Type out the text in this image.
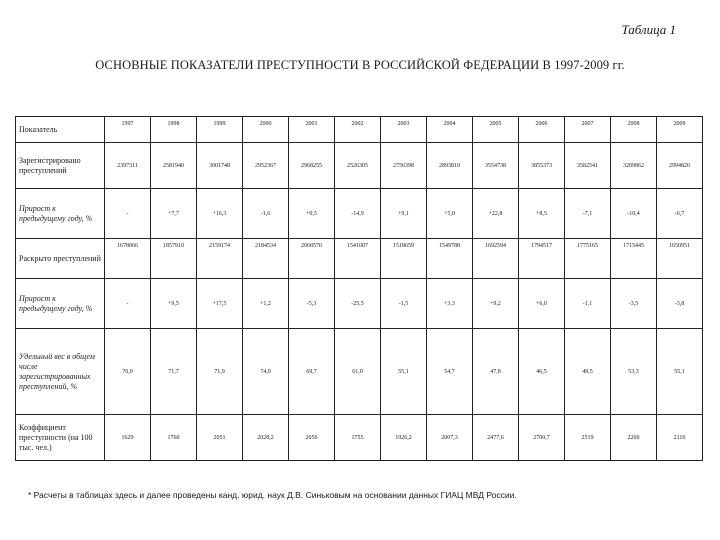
Таблица 1
ОСНОВНЫЕ ПОКАЗАТЕЛИ ПРЕСТУПНОСТИ В РОССИЙСКОЙ ФЕДЕРАЦИИ В 1997-2009 гг.
Показатель	1997	1998	1999	2000	2001	2002	2003	2004	2005	2006	2007	2008	2009
Зарегистрировано преступлений	2397311	2581940	3001748	2952367	2968255	2526305	2756398	2893810	3554738	3855373	3582541	3209862	2994820
Прирост к предыдущему году, %	-	+7,7	+16,3	-1,6	+0,5	-14,9	+9,1	+5,0	+22,8	+8,5	-7,1	-10,4	-6,7
Раскрыто преступлений	1678066	1857910	2159174	2184534	2068570	1541007	1518659	1549788	1692594	1794517	1775165	1715445	1650951
Прирост к предыдущему году, %	-	+9,5	+17,5	+1,2	-5,3	-25,5	-1,5	+3,3	+9,2	+6,0	-1,1	-3,5	-3,8
Удельный вес в общем числе зарегистрированных преступлений, %	70,0	71,7	71,9	74,0	69,7	61,0	55,1	54,7	47,8	46,5	49,5	53,3	55,1
Коэффициент преступности (на 100 тыс. чел.)	1629	1760	2051	2028,2	2050	1755	1926,2	2007,3	2477,6	2700,7	2519	2260	2110
* Расчеты в таблицах здесь и далее проведены канд. юрид. наук Д.В. Синьковым на основании данных ГИАЦ МВД России.
